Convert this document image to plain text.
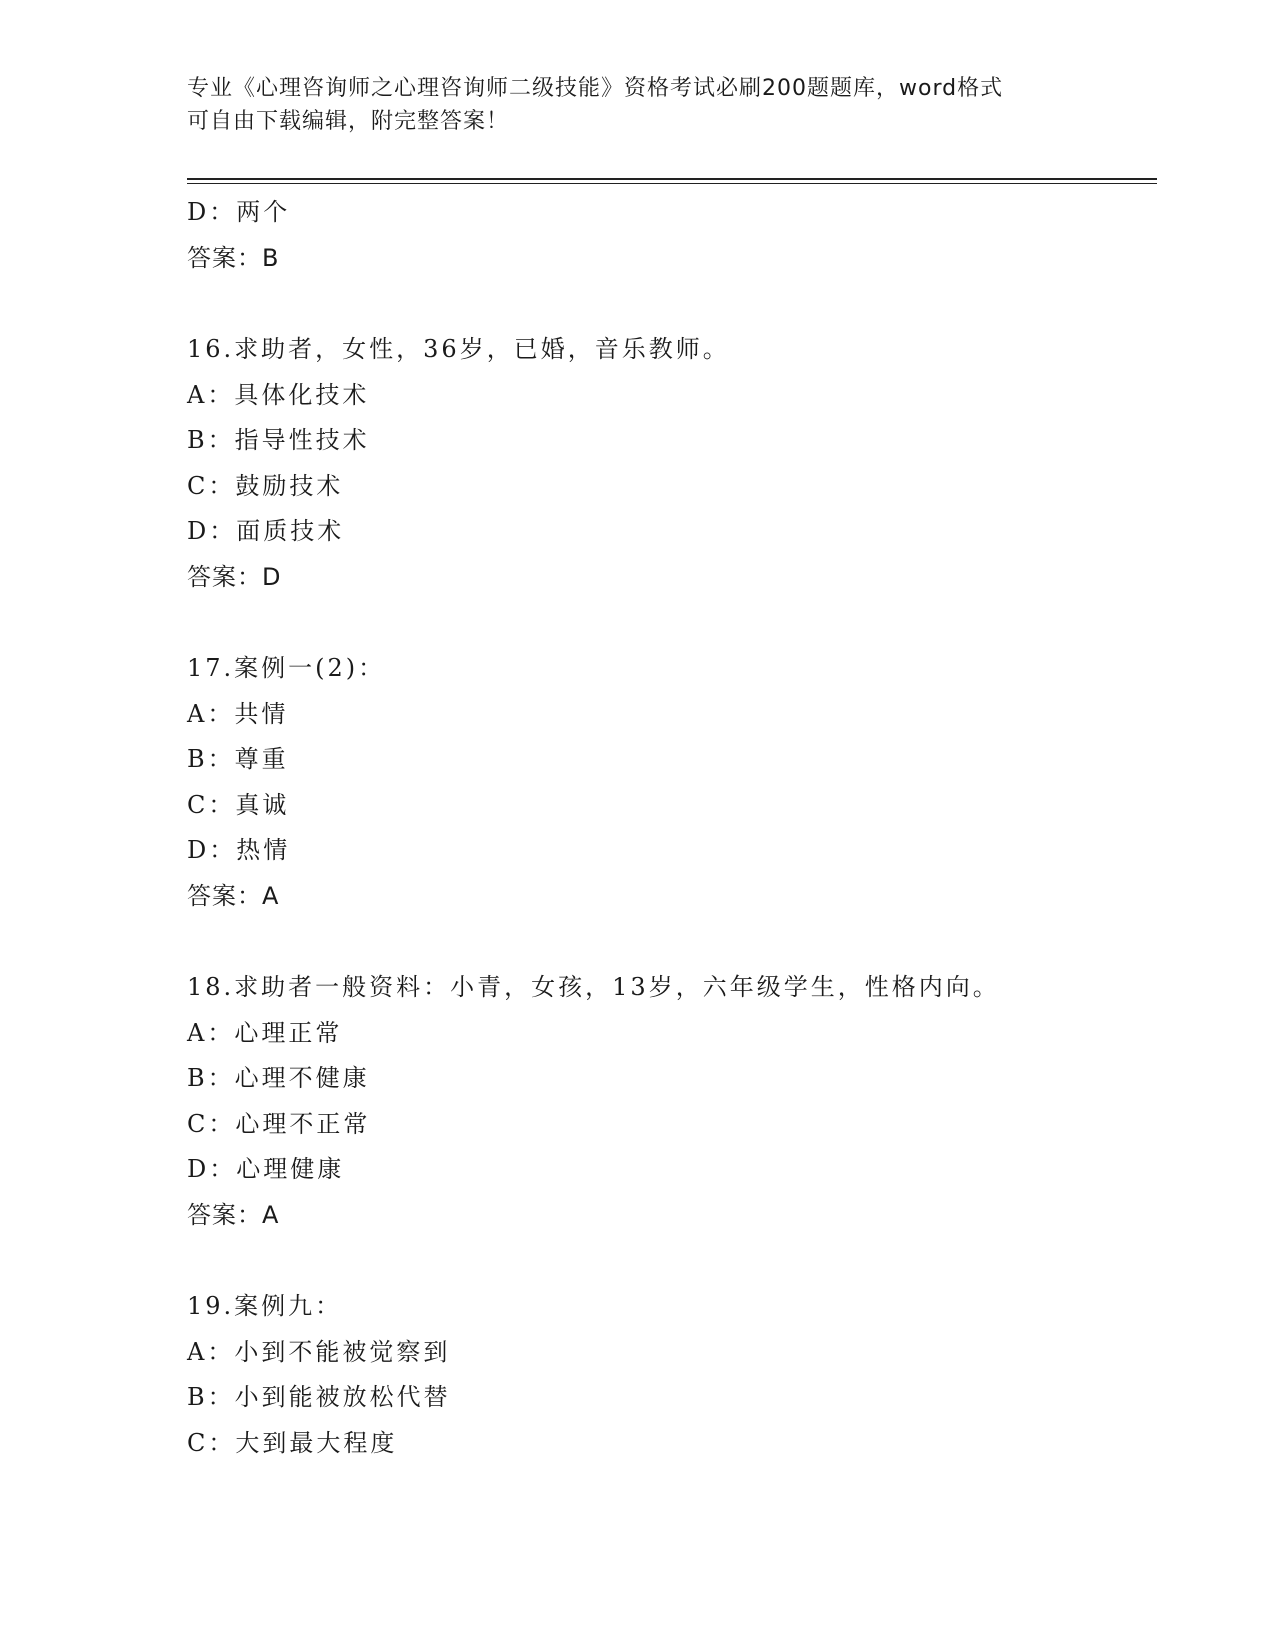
专业《心理咨询师之心理咨询师二级技能》资格考试必刷200题题库，word格式
可自由下载编辑，附完整答案！
D：两个
答案：B
16.求助者，女性，36岁，已婚，音乐教师。
A：具体化技术
B：指导性技术
C：鼓励技术
D：面质技术
答案：D
17.案例一(2)：
A：共情
B：尊重
C：真诚
D：热情
答案：A
18.求助者一般资料：小青，女孩，13岁，六年级学生，性格内向。
A：心理正常
B：心理不健康
C：心理不正常
D：心理健康
答案：A
19.案例九：
A：小到不能被觉察到
B：小到能被放松代替
C：大到最大程度
